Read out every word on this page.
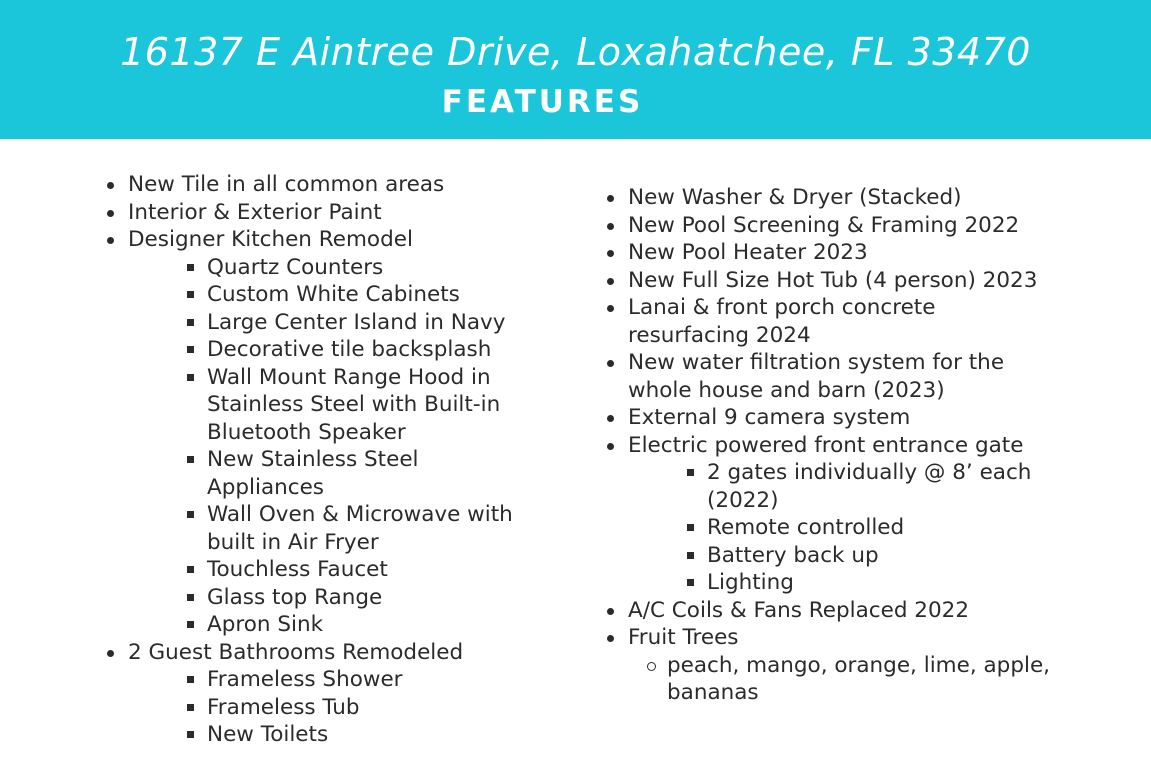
16137 E Aintree Drive, Loxahatchee, FL 33470
FEATURES
New Tile in all common areas
Interior & Exterior Paint
Designer Kitchen Remodel
Quartz Counters
Custom White Cabinets
Large Center Island in Navy
Decorative tile backsplash
Wall Mount Range Hood in Stainless Steel with Built-in Bluetooth Speaker
New Stainless Steel Appliances
Wall Oven & Microwave with built in Air Fryer
Touchless Faucet
Glass top Range
Apron Sink
2 Guest Bathrooms Remodeled
Frameless Shower
Frameless Tub
New Toilets
New Washer & Dryer (Stacked)
New Pool Screening & Framing 2022
New Pool Heater 2023
New Full Size Hot Tub (4 person) 2023
Lanai & front porch concrete resurfacing 2024
New water filtration system for the whole house and barn (2023)
External 9 camera system
Electric powered front entrance gate
2 gates individually @ 8’ each (2022)
Remote controlled
Battery back up
Lighting
A/C Coils & Fans Replaced 2022
Fruit Trees
peach, mango, orange, lime, apple, bananas
